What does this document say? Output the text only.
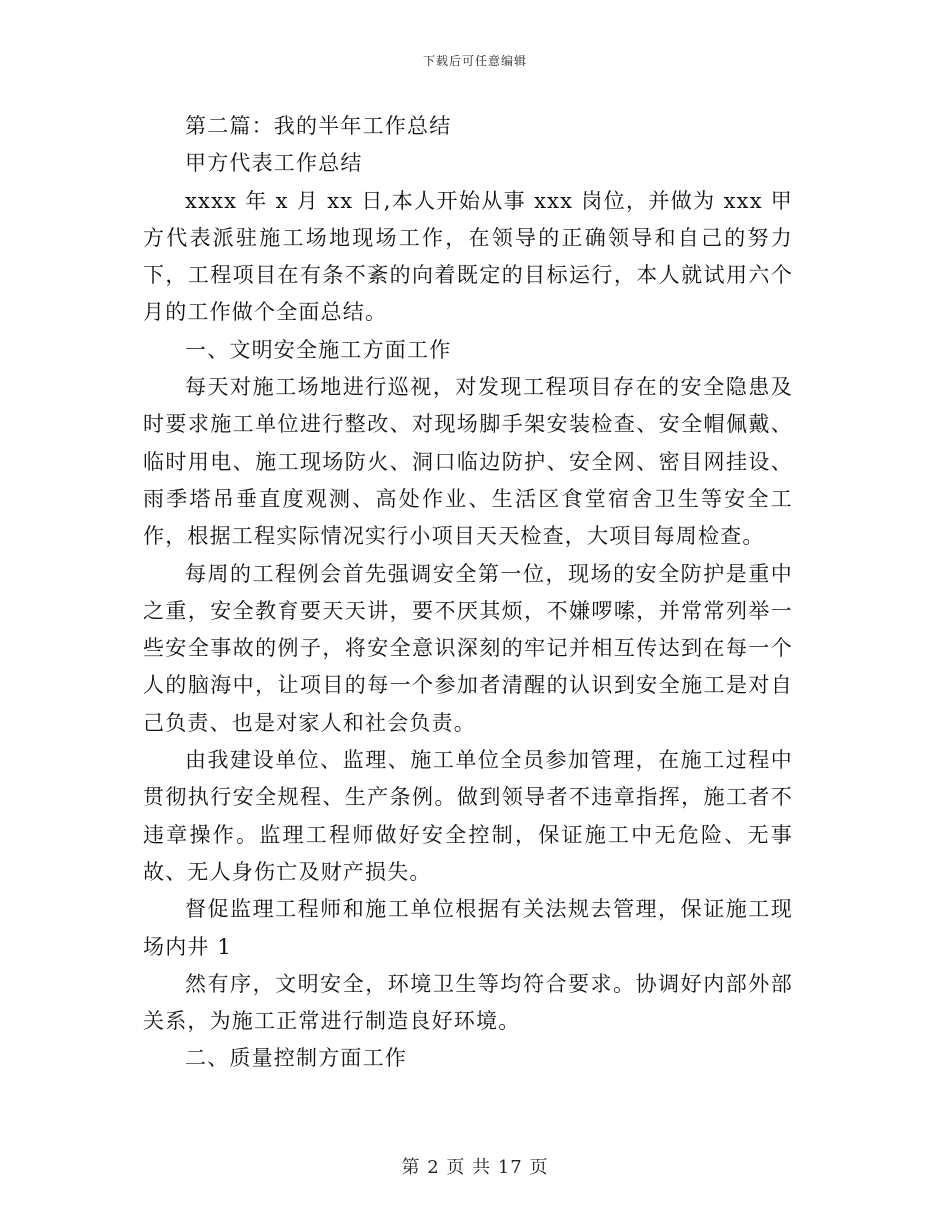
下载后可任意编辑

第二篇：我的半年工作总结

甲方代表工作总结

xxxx 年 x 月 xx 日,本人开始从事 xxx 岗位，并做为 xxx 甲方代表派驻施工场地现场工作，在领导的正确领导和自己的努力下，工程项目在有条不紊的向着既定的目标运行，本人就试用六个月的工作做个全面总结。

一、文明安全施工方面工作

每天对施工场地进行巡视，对发现工程项目存在的安全隐患及时要求施工单位进行整改、对现场脚手架安装检查、安全帽佩戴、临时用电、施工现场防火、洞口临边防护、安全网、密目网挂设、雨季塔吊垂直度观测、高处作业、生活区食堂宿舍卫生等安全工作，根据工程实际情况实行小项目天天检查，大项目每周检查。

每周的工程例会首先强调安全第一位，现场的安全防护是重中之重，安全教育要天天讲，要不厌其烦，不嫌啰嗦，并常常列举一些安全事故的例子，将安全意识深刻的牢记并相互传达到在每一个人的脑海中，让项目的每一个参加者清醒的认识到安全施工是对自己负责、也是对家人和社会负责。

由我建设单位、监理、施工单位全员参加管理，在施工过程中贯彻执行安全规程、生产条例。做到领导者不违章指挥，施工者不违章操作。监理工程师做好安全控制，保证施工中无危险、无事故、无人身伤亡及财产损失。

督促监理工程师和施工单位根据有关法规去管理，保证施工现场内井 1

然有序，文明安全，环境卫生等均符合要求。协调好内部外部关系，为施工正常进行制造良好环境。

二、质量控制方面工作

第 2 页 共 17 页
